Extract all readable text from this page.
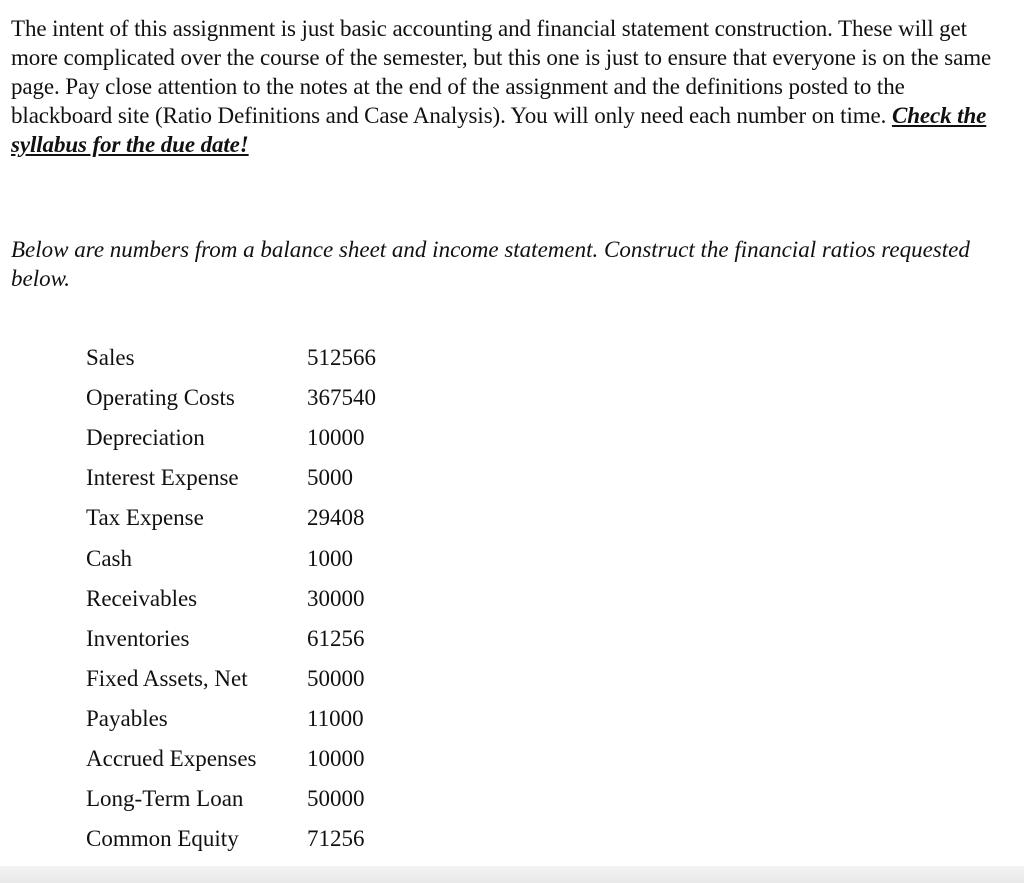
The intent of this assignment is just basic accounting and financial statement construction. These will get more complicated over the course of the semester, but this one is just to ensure that everyone is on the same page. Pay close attention to the notes at the end of the assignment and the definitions posted to the blackboard site (Ratio Definitions and Case Analysis). You will only need each number on time. Check the syllabus for the due date!

Below are numbers from a balance sheet and income statement. Construct the financial ratios requested below.

Sales	512566
Operating Costs	367540
Depreciation	10000
Interest Expense	5000
Tax Expense	29408
Cash	1000
Receivables	30000
Inventories	61256
Fixed Assets, Net	50000
Payables	11000
Accrued Expenses	10000
Long-Term Loan	50000
Common Equity	71256
